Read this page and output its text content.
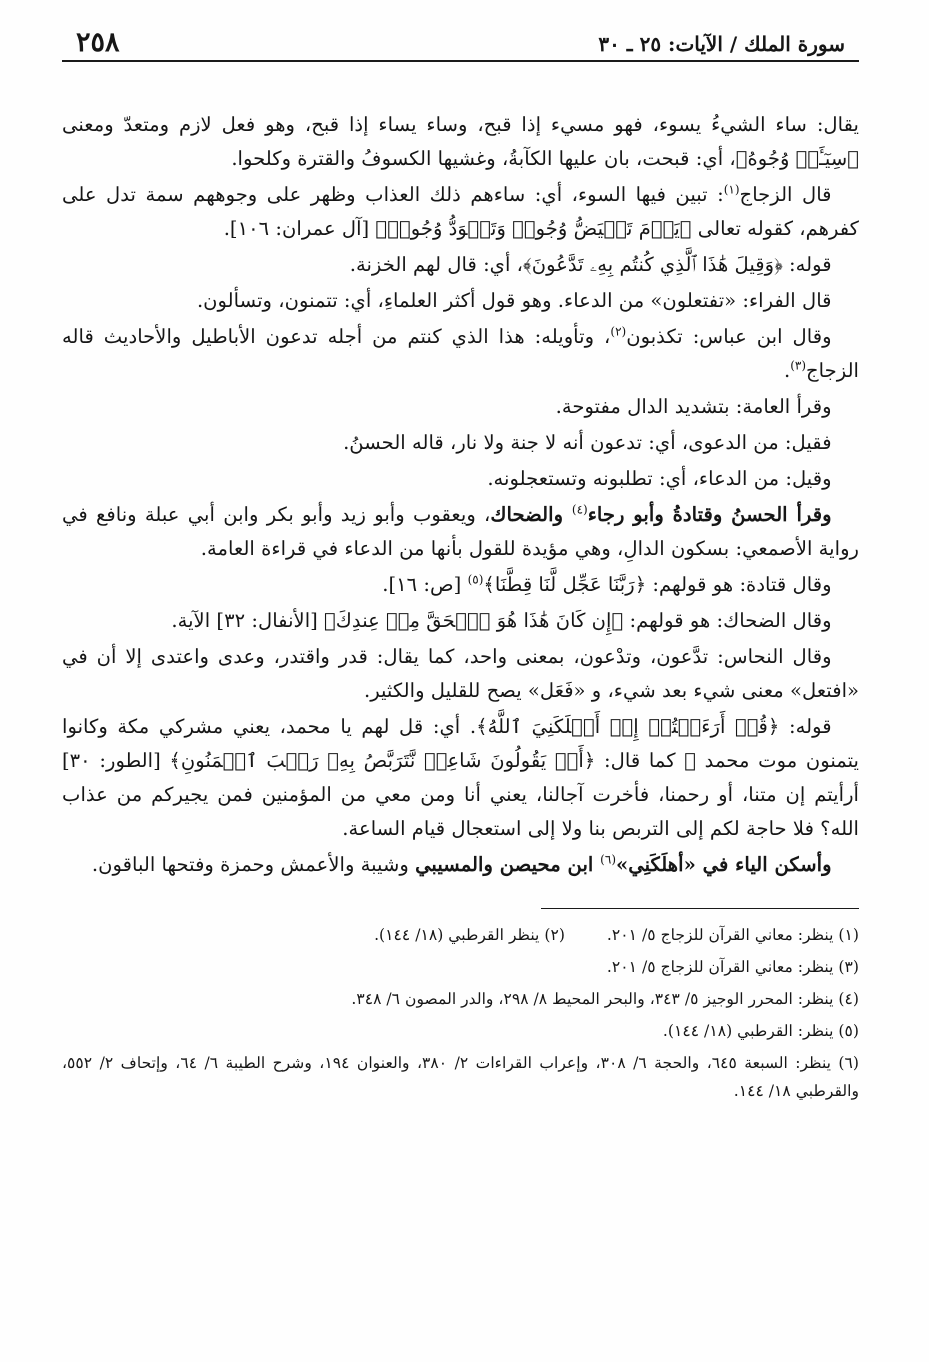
سورة الملك / الآيات: ٢٥ ـ ٣٠
٢٥٨

يقال: ساء الشيءُ يسوء، فهو مسيء إذا قبح، وساء يساء إذا قبح، وهو فعل لازم ومتعدّ ومعنى ﴿سِيٓـَٔتۡ وُجُوهُ﴾، أي: قبحت، بان عليها الكآبةُ، وغشيها الكسوفُ والقترة وكلحوا.

قال الزجاج$^{(١)}$: تبين فيها السوء، أي: ساءهم ذلك العذاب وظهر على وجوههم سمة تدل على كفرهم، كقوله تعالى ﴿يَوۡمَ تَبۡيَضُّ وُجُوهٞ وَتَسۡوَدُّ وُجُوهٞ﴾ [آل عمران: ١٠٦].

قوله: ﴿وَقِيلَ هَٰذَا ٱلَّذِي كُنتُم بِهِۦ تَدَّعُونَ﴾، أي: قال لهم الخزنة.

قال الفراء: «تفتعلون» من الدعاء. وهو قول أكثر العلماءِ، أي: تتمنون، وتسألون.

وقال ابن عباس: تكذبون$^{(٢)}$، وتأويله: هذا الذي كنتم من أجله تدعون الأباطيل والأحاديث قاله الزجاج$^{(٣)}$.

وقرأ العامة: بتشديد الدال مفتوحة.

فقيل: من الدعوى، أي: تدعون أنه لا جنة ولا نار، قاله الحسنُ.

وقيل: من الدعاء، أي: تطلبونه وتستعجلونه.

وقرأ الحسنُ وقتادةُ وأبو رجاء$^{(٤)}$ والضحاك، ويعقوب وأبو زيد وأبو بكر وابن أبي عبلة ونافع في رواية الأصمعي: بسكون الدالِ، وهي مؤيدة للقول بأنها من الدعاء في قراءة العامة.

وقال قتادة: هو قولهم: ﴿رَبَّنَا عَجِّل لَّنَا قِطَّنَا﴾$^{(٥)}$ [ص: ١٦].

وقال الضحاك: هو قولهم: ﴿إِن كَانَ هَٰذَا هُوَ ٱلۡحَقَّ مِنۡ عِندِكَ﴾ [الأنفال: ٣٢] الآية.

وقال النحاس: تدَّعون، وتدْعون، بمعنى واحد، كما يقال: قدر واقتدر، وعدى واعتدى إلا أن في «افتعل» معنى شيء بعد شيء، و «فَعَل» يصح للقليل والكثير.

قوله: ﴿قُلۡ أَرَءَيۡتُمۡ إِنۡ أَهۡلَكَنِيَ ٱللَّهُ﴾. أي: قل لهم يا محمد، يعني مشركي مكة وكانوا يتمنون موت محمد ﷺ كما قال: ﴿أَمۡ يَقُولُونَ شَاعِرٞ نَّتَرَبَّصُ بِهِۦ رَيۡبَ ٱلۡمَنُونِ﴾ [الطور: ٣٠] أرأيتم إن متنا، أو رحمنا، فأخرت آجالنا، يعني أنا ومن معي من المؤمنين فمن يجيركم من عذاب الله؟ فلا حاجة لكم إلى التربص بنا ولا إلى استعجال قيام الساعة.

وأسكن الياء في «أهلَكَنِي»$^{(٦)}$ ابن محيصن والمسيبي وشيبة والأعمش وحمزة وفتحها الباقون.

(١) ينظر: معاني القرآن للزجاج ٥/ ٢٠١.(٢) ينظر القرطبي (١٨/ ١٤٤).

(٣) ينظر: معاني القرآن للزجاج ٥/ ٢٠١.

(٤) ينظر: المحرر الوجيز ٥/ ٣٤٣، والبحر المحيط ٨/ ٢٩٨، والدر المصون ٦/ ٣٤٨.

(٥) ينظر: القرطبي (١٨/ ١٤٤).

(٦) ينظر: السبعة ٦٤٥، والحجة ٦/ ٣٠٨، وإعراب القراءات ٢/ ٣٨٠، والعنوان ١٩٤، وشرح الطيبة ٦/ ٦٤، وإتحاف ٢/ ٥٥٢، والقرطبي ١٨/ ١٤٤.
